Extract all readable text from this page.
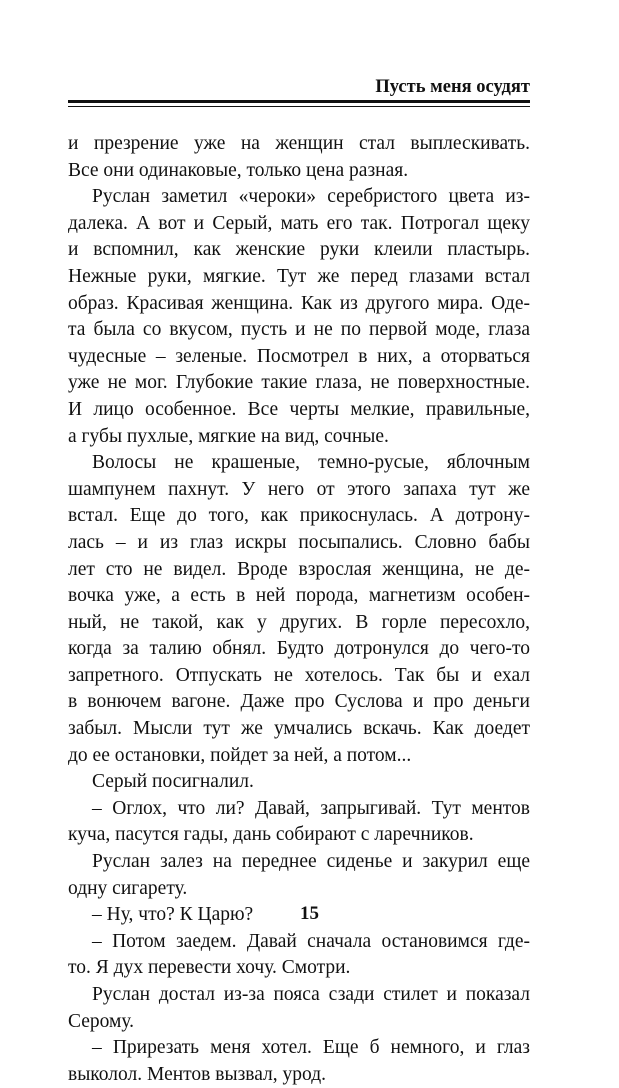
Пусть меня осудят
и презрение уже на женщин стал выплескивать.
Все они одинаковые, только цена разная.
Руслан заметил «чероки» серебристого цвета из-
далека. А вот и Серый, мать его так. Потрогал щеку
и вспомнил, как женские руки клеили пластырь.
Нежные руки, мягкие. Тут же перед глазами встал
образ. Красивая женщина. Как из другого мира. Оде-
та была со вкусом, пусть и не по первой моде, глаза
чудесные – зеленые. Посмотрел в них, а оторваться
уже не мог. Глубокие такие глаза, не поверхностные.
И лицо особенное. Все черты мелкие, правильные,
а губы пухлые, мягкие на вид, сочные.
Волосы не крашеные, темно-русые, яблочным
шампунем пахнут. У него от этого запаха тут же
встал. Еще до того, как прикоснулась. А дотрону-
лась – и из глаз искры посыпались. Словно бабы
лет сто не видел. Вроде взрослая женщина, не де-
вочка уже, а есть в ней порода, магнетизм особен-
ный, не такой, как у других. В горле пересохло,
когда за талию обнял. Будто дотронулся до чего-то
запретного. Отпускать не хотелось. Так бы и ехал
в вонючем вагоне. Даже про Суслова и про деньги
забыл. Мысли тут же умчались вскачь. Как доедет
до ее остановки, пойдет за ней, а потом...
Серый посигналил.
– Оглох, что ли? Давай, запрыгивай. Тут ментов
куча, пасутся гады, дань собирают с ларечников.
Руслан залез на переднее сиденье и закурил еще
одну сигарету.
– Ну, что? К Царю?
– Потом заедем. Давай сначала остановимся где-
то. Я дух перевести хочу. Смотри.
Руслан достал из-за пояса сзади стилет и показал
Серому.
– Прирезать меня хотел. Еще б немного, и глаз
выколол. Ментов вызвал, урод.
15
